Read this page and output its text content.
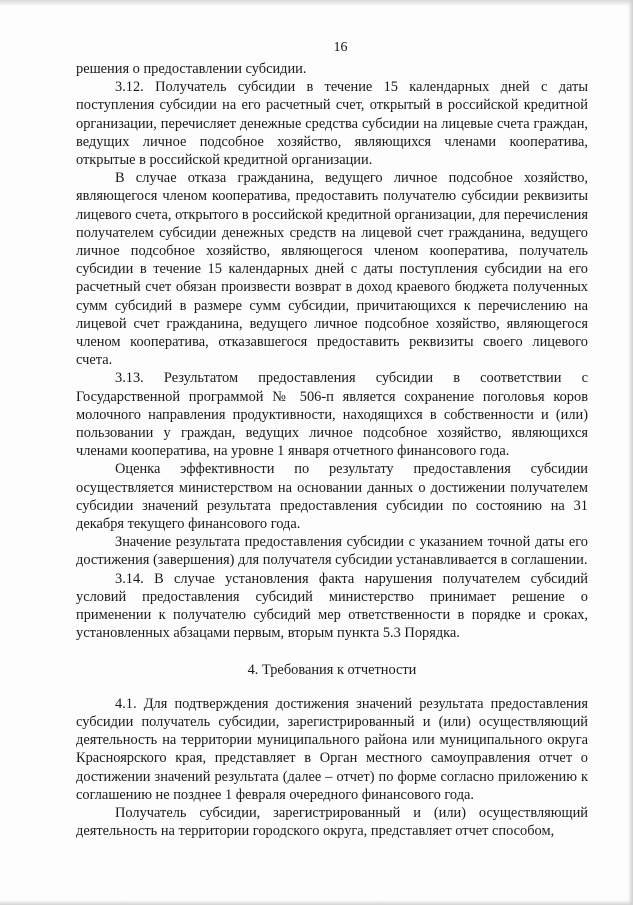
16

решения о предоставлении субсидии.

3.12. Получатель субсидии в течение 15 календарных дней с даты поступления субсидии на его расчетный счет, открытый в российской кредитной организации, перечисляет денежные средства субсидии на лицевые счета граждан, ведущих личное подсобное хозяйство, являющихся членами кооператива, открытые в российской кредитной организации.

В случае отказа гражданина, ведущего личное подсобное хозяйство, являющегося членом кооператива, предоставить получателю субсидии реквизиты лицевого счета, открытого в российской кредитной организации, для перечисления получателем субсидии денежных средств на лицевой счет гражданина, ведущего личное подсобное хозяйство, являющегося членом кооператива, получатель субсидии в течение 15 календарных дней с даты поступления субсидии на его расчетный счет обязан произвести возврат в доход краевого бюджета полученных сумм субсидий в размере сумм субсидии, причитающихся к перечислению на лицевой счет гражданина, ведущего личное подсобное хозяйство, являющегося членом кооператива, отказавшегося предоставить реквизиты своего лицевого счета.

3.13. Результатом предоставления субсидии в соответствии с Государственной программой № 506-п является сохранение поголовья коров молочного направления продуктивности, находящихся в собственности и (или) пользовании у граждан, ведущих личное подсобное хозяйство, являющихся членами кооператива, на уровне 1 января отчетного финансового года.

Оценка эффективности по результату предоставления субсидии осуществляется министерством на основании данных о достижении получателем субсидии значений результата предоставления субсидии по состоянию на 31 декабря текущего финансового года.

Значение результата предоставления субсидии с указанием точной даты его достижения (завершения) для получателя субсидии устанавливается в соглашении.

3.14. В случае установления факта нарушения получателем субсидий условий предоставления субсидий министерство принимает решение о применении к получателю субсидий мер ответственности в порядке и сроках, установленных абзацами первым, вторым пункта 5.3 Порядка.

4. Требования к отчетности

4.1. Для подтверждения достижения значений результата предоставления субсидии получатель субсидии, зарегистрированный и (или) осуществляющий деятельность на территории муниципального района или муниципального округа Красноярского края, представляет в Орган местного самоуправления отчет о достижении значений результата (далее – отчет) по форме согласно приложению к соглашению не позднее 1 февраля очередного финансового года.

Получатель субсидии, зарегистрированный и (или) осуществляющий деятельность на территории городского округа, представляет отчет способом,
